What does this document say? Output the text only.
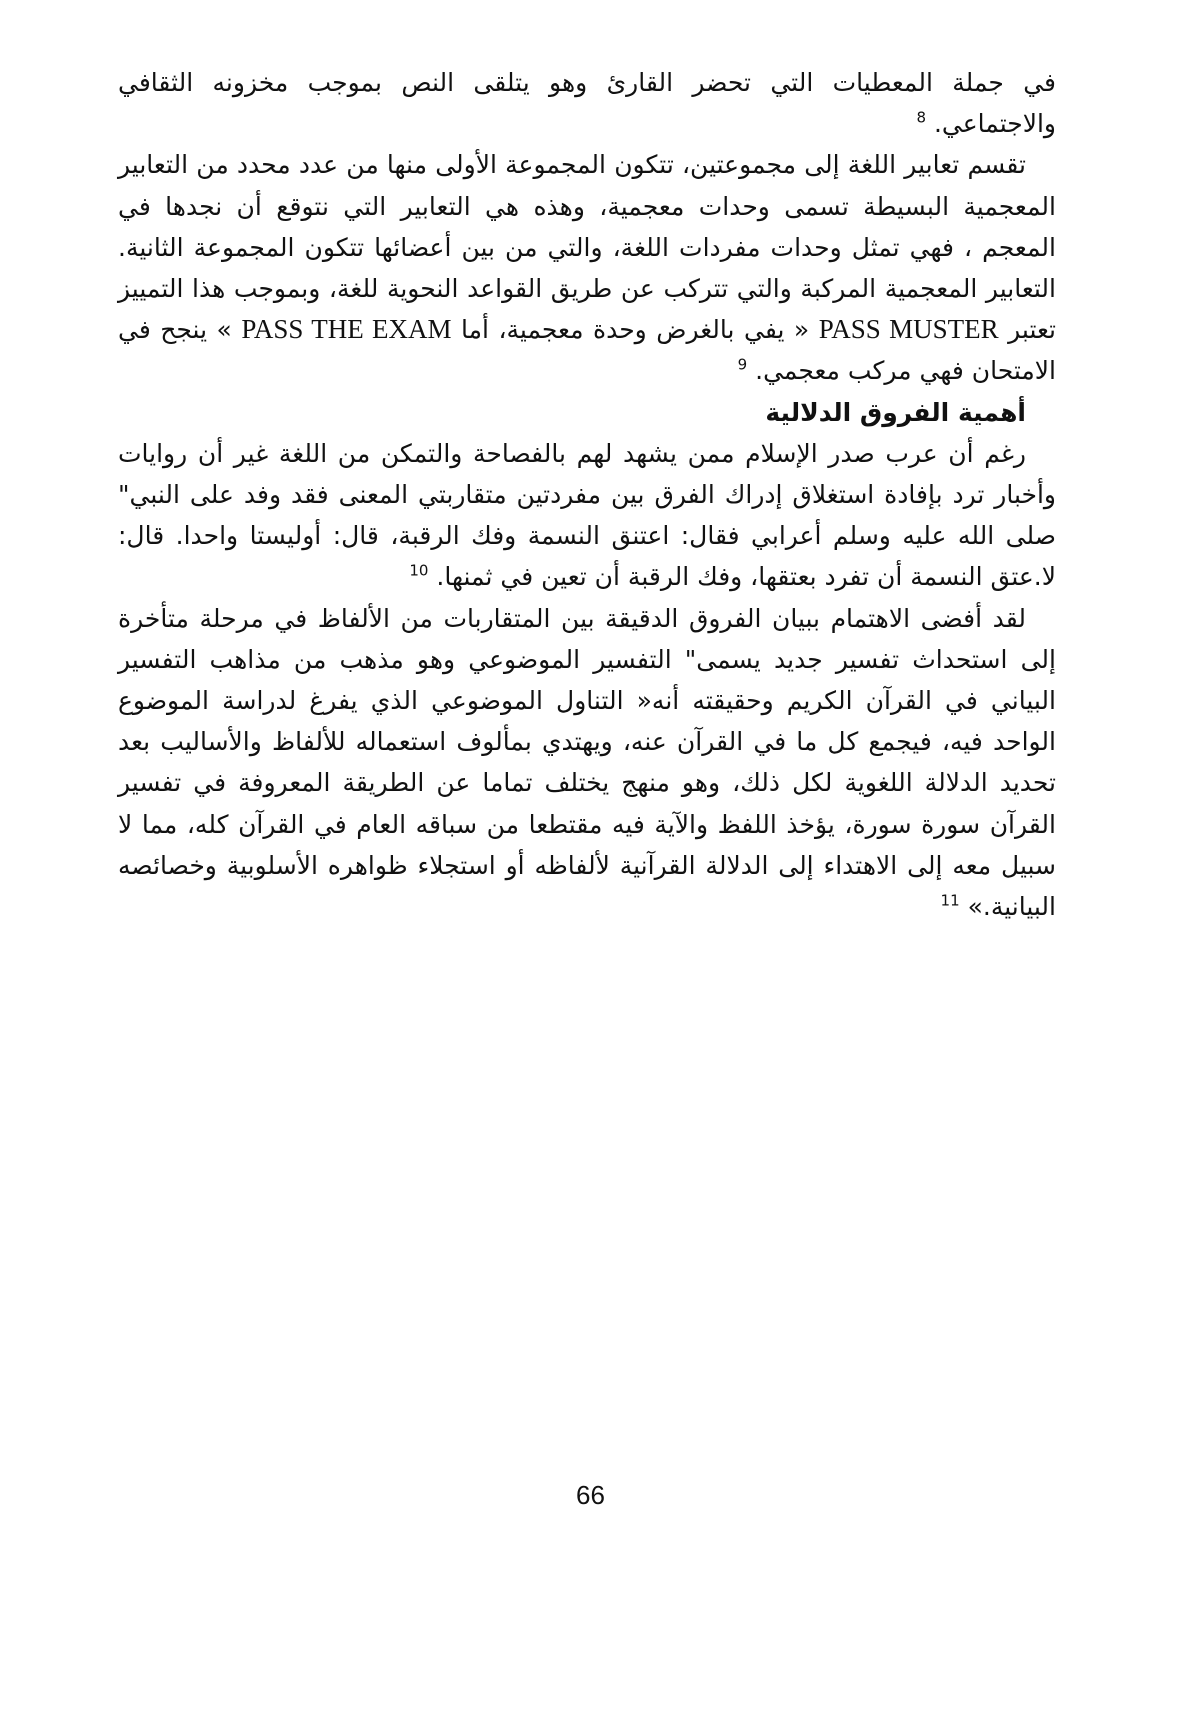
في جملة المعطيات التي تحضر القارئ وهو يتلقى النص بموجب مخزونه الثقافي والاجتماعي. $^8$

تقسم تعابير اللغة إلى مجموعتين، تتكون المجموعة الأولى منها من عدد محدد من التعابير المعجمية البسيطة تسمى وحدات معجمية، وهذه هي التعابير التي نتوقع أن نجدها في المعجم ، فهي تمثل وحدات مفردات اللغة، والتي من بين أعضائها تتكون المجموعة الثانية. التعابير المعجمية المركبة والتي تتركب عن طريق القواعد النحوية للغة، وبموجب هذا التمييز تعتبر PASS MUSTER « يفي بالغرض وحدة معجمية، أما PASS THE EXAM » ينجح في الامتحان فهي مركب معجمي. $^9$

أهمية الفروق الدلالية

رغم أن عرب صدر الإسلام ممن يشهد لهم بالفصاحة والتمكن من اللغة غير أن روايات وأخبار ترد بإفادة استغلاق إدراك الفرق بين مفردتين متقاربتي المعنى فقد وفد على النبي" صلى الله عليه وسلم أعرابي فقال: اعتنق النسمة وفك الرقبة، قال: أوليستا واحدا. قال: لا.عتق النسمة أن تفرد بعتقها، وفك الرقبة أن تعين في ثمنها. $^{10}$

لقد أفضى الاهتمام ببيان الفروق الدقيقة بين المتقاربات من الألفاظ في مرحلة متأخرة إلى استحداث تفسير جديد يسمى" التفسير الموضوعي وهو مذهب من مذاهب التفسير البياني في القرآن الكريم وحقيقته أنه« التناول الموضوعي الذي يفرغ لدراسة الموضوع الواحد فيه، فيجمع كل ما في القرآن عنه، ويهتدي بمألوف استعماله للألفاظ والأساليب بعد تحديد الدلالة اللغوية لكل ذلك، وهو منهج يختلف تماما عن الطريقة المعروفة في تفسير القرآن سورة سورة، يؤخذ اللفظ والآية فيه مقتطعا من سباقه العام في القرآن كله، مما لا سبيل معه إلى الاهتداء إلى الدلالة القرآنية لألفاظه أو استجلاء ظواهره الأسلوبية وخصائصه البيانية.» $^{11}$

66
